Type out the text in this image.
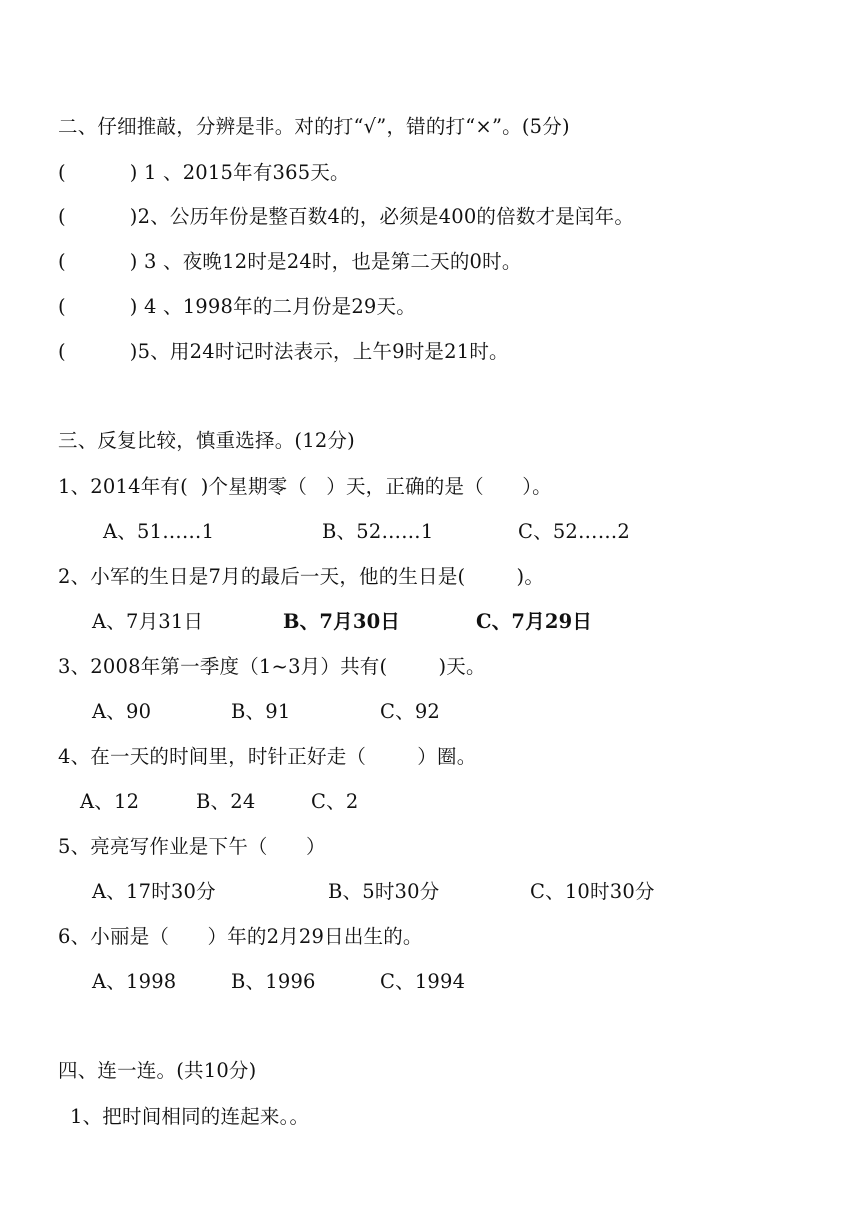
二、仔细推敲，分辨是非。对的打“√”，错的打“×”。(5分)
(          ) 1 、2015年有365天。
(          )2、公历年份是整百数4的，必须是400的倍数才是闰年。
(          ) 3 、夜晚12时是24时，也是第二天的0时。
(          ) 4 、1998年的二月份是29天。
(          )5、用24时记时法表示，上午9时是21时。
三、反复比较，慎重选择。(12分)
1、2014年有(  )个星期零（   ）天，正确的是（      ）。
A、51……1	B、52……1	C、52……2
2、小军的生日是7月的最后一天，他的生日是(        )。
A、7月31日	B、7月30日	C、7月29日
3、2008年第一季度（1~3月）共有(        )天。
A、90	B、91	C、92
4、在一天的时间里，时针正好走（        ）圈。
A、12	B、24	C、2
5、亮亮写作业是下午（      ）
A、17时30分	B、5时30分	C、10时30分
6、小丽是（      ）年的2月29日出生的。
A、1998	B、1996	C、1994
四、连一连。(共10分)
1、把时间相同的连起来。。
